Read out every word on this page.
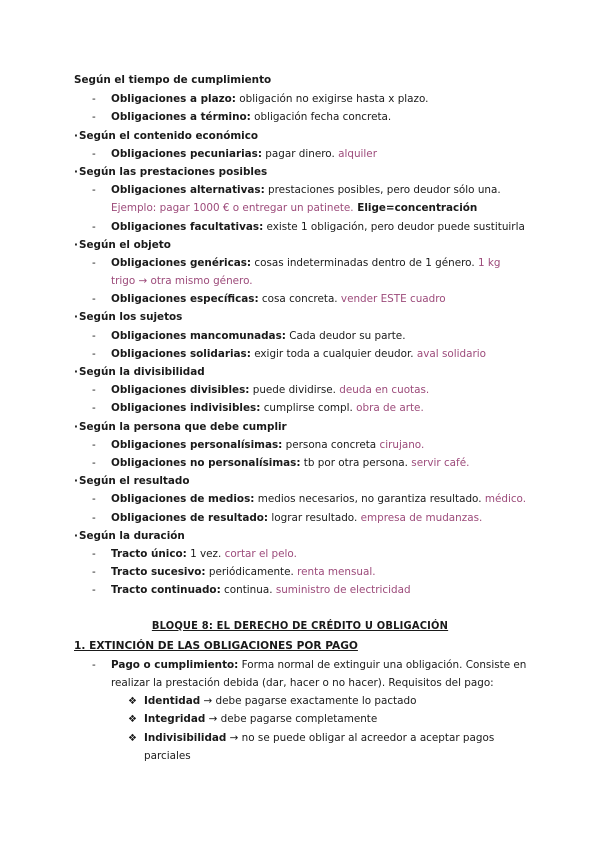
Según el tiempo de cumplimiento
- Obligaciones a plazo: obligación no exigirse hasta x plazo.
- Obligaciones a término: obligación fecha concreta.
·Según el contenido económico
- Obligaciones pecuniarias: pagar dinero. alquiler
·Según las prestaciones posibles
- Obligaciones alternativas: prestaciones posibles, pero deudor sólo una.
Ejemplo: pagar 1000 € o entregar un patinete. Elige=concentración
- Obligaciones facultativas: existe 1 obligación, pero deudor puede sustituirla
·Según el objeto
- Obligaciones genéricas: cosas indeterminadas dentro de 1 género. 1 kg
trigo → otra mismo género.
- Obligaciones específicas: cosa concreta. vender ESTE cuadro
·Según los sujetos
- Obligaciones mancomunadas: Cada deudor su parte.
- Obligaciones solidarias: exigir toda a cualquier deudor. aval solidario
·Según la divisibilidad
- Obligaciones divisibles: puede dividirse. deuda en cuotas.
- Obligaciones indivisibles: cumplirse compl. obra de arte.
·Según la persona que debe cumplir
- Obligaciones personalísimas: persona concreta cirujano.
- Obligaciones no personalísimas: tb por otra persona. servir café.
·Según el resultado
- Obligaciones de medios: medios necesarios, no garantiza resultado. médico.
- Obligaciones de resultado: lograr resultado. empresa de mudanzas.
·Según la duración
- Tracto único: 1 vez. cortar el pelo.
- Tracto sucesivo: periódicamente. renta mensual.
- Tracto continuado: continua. suministro de electricidad
BLOQUE 8: EL DERECHO DE CRÉDITO U OBLIGACIÓN
1. EXTINCIÓN DE LAS OBLIGACIONES POR PAGO
- Pago o cumplimiento: Forma normal de extinguir una obligación. Consiste en
realizar la prestación debida (dar, hacer o no hacer). Requisitos del pago:
❖ Identidad → debe pagarse exactamente lo pactado
❖ Integridad → debe pagarse completamente
❖ Indivisibilidad → no se puede obligar al acreedor a aceptar pagos
parciales
